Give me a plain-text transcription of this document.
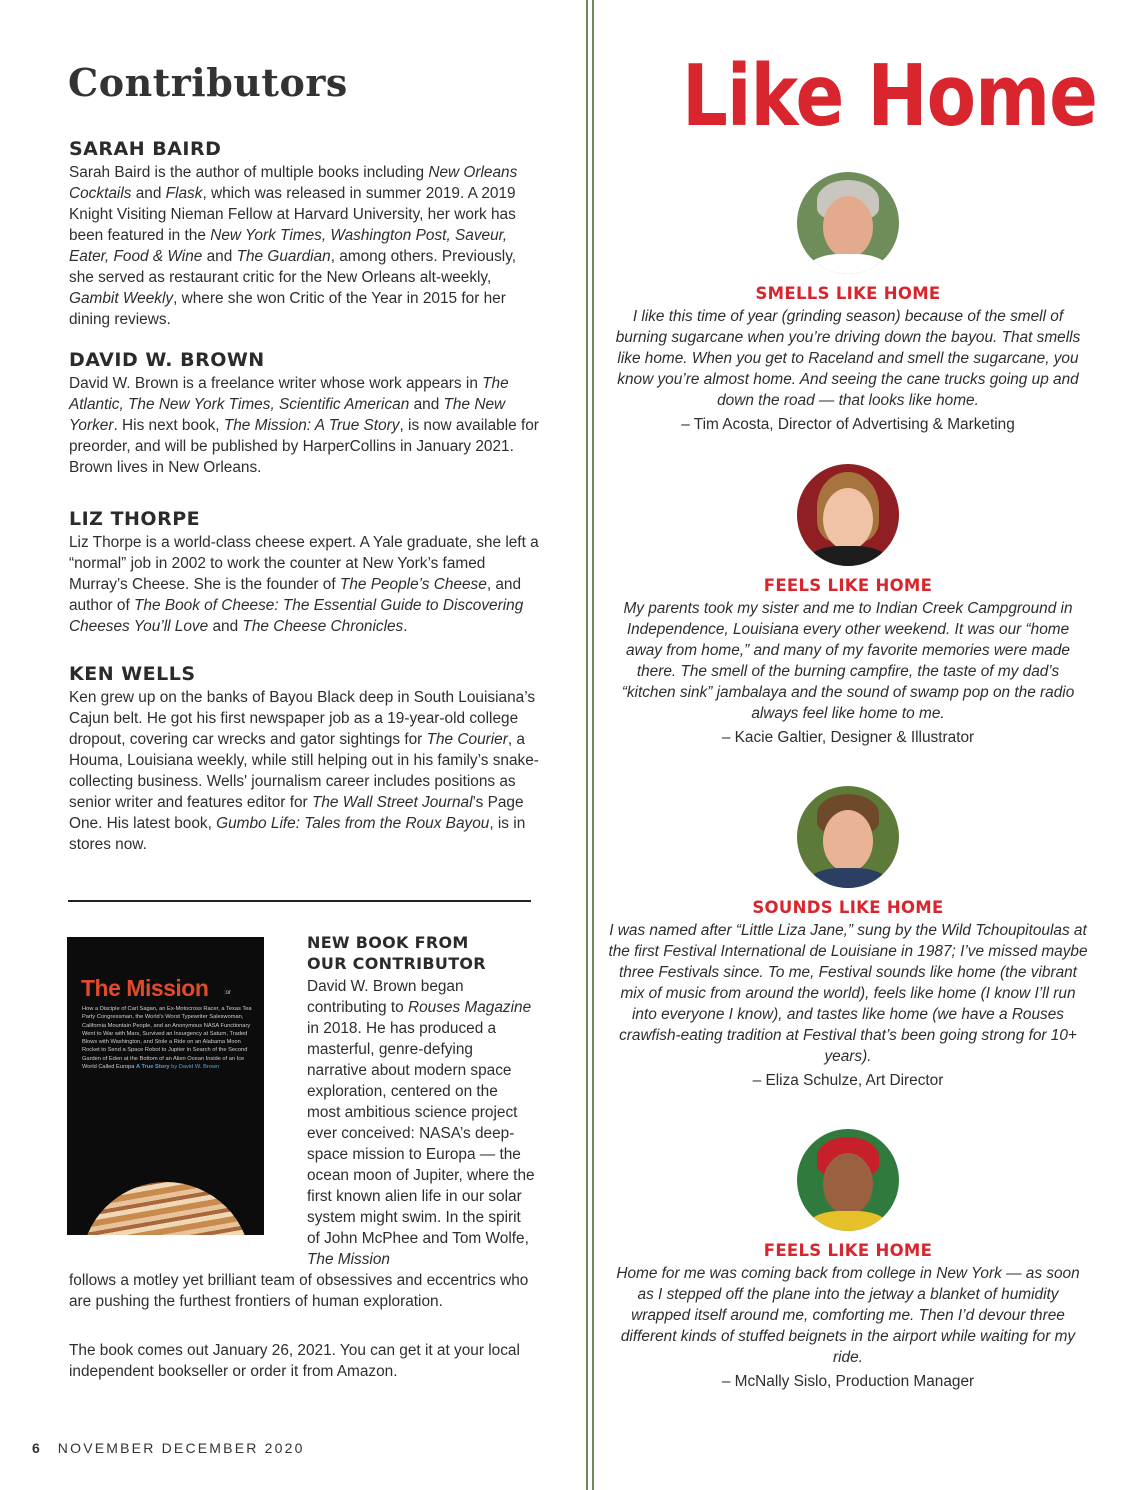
Contributors
SARAH BAIRD

Sarah Baird is the author of multiple books including New Orleans Cocktails and Flask, which was released in summer 2019. A 2019 Knight Visiting Nieman Fellow at Harvard University, her work has been featured in the New York Times, Washington Post, Saveur, Eater, Food & Wine and The Guardian, among others. Previously, she served as restaurant critic for the New Orleans alt-weekly, Gambit Weekly, where she won Critic of the Year in 2015 for her dining reviews.

DAVID W. BROWN

David W. Brown is a freelance writer whose work appears in The Atlantic, The New York Times, Scientific American and The New Yorker. His next book, The Mission: A True Story, is now available for preorder, and will be published by HarperCollins in January 2021. Brown lives in New Orleans.

LIZ THORPE

Liz Thorpe is a world-class cheese expert. A Yale graduate, she left a “normal” job in 2002 to work the counter at New York’s famed Murray’s Cheese. She is the founder of The People’s Cheese, and author of The Book of Cheese: The Essential Guide to Discovering Cheeses You’ll Love and The Cheese Chronicles.

KEN WELLS

Ken grew up on the banks of Bayou Black deep in South Louisiana’s Cajun belt. He got his first newspaper job as a 19-year-old college dropout, covering car wrecks and gator sightings for The Courier, a Houma, Louisiana weekly, while still helping out in his family’s snake-collecting business. Wells' journalism career includes positions as senior writer and features editor for The Wall Street Journal’s Page One. His latest book, Gumbo Life: Tales from the Roux Bayou, is in stores now.

The Mission	:or
How a Disciple of Carl Sagan, an Ex-Motocross Racer, a Texas Tea Party Congressman, the World’s Worst Typewriter Saleswoman, California Mountain People, and an Anonymous NASA Functionary Went to War with Mars, Survived an Insurgency at Saturn, Traded Blows with Washington, and Stole a Ride on an Alabama Moon Rocket to Send a Space Robot to Jupiter in Search of the Second Garden of Eden at the Bottom of an Alien Ocean Inside of an Ice World Called Europa A True Story by David W. Brown
NEW BOOK FROM
OUR CONTRIBUTOR
David W. Brown began contributing to Rouses Magazine in 2018. He has produced a masterful, genre-defying narrative about modern space exploration, centered on the most ambitious science project ever conceived: NASA’s deep-space mission to Europa — the ocean moon of Jupiter, where the first known alien life in our solar system might swim. In the spirit of John McPhee and Tom Wolfe, The Mission
follows a motley yet brilliant team of obsessives and eccentrics who are pushing the furthest frontiers of human exploration.
The book comes out January 26, 2021. You can get it at your local independent bookseller or order it from Amazon.
6 NOVEMBER DECEMBER 2020
Like Home
SMELLS LIKE HOME
I like this time of year (grinding season) because of the smell of burning sugarcane when you’re driving down the bayou. That smells like home. When you get to Raceland and smell the sugarcane, you know you’re almost home. And seeing the cane trucks going up and down the road — that looks like home.
– Tim Acosta, Director of Advertising & Marketing
FEELS LIKE HOME
My parents took my sister and me to Indian Creek Campground in Independence, Louisiana every other weekend. It was our “home away from home,” and many of my favorite memories were made there. The smell of the burning campfire, the taste of my dad’s “kitchen sink” jambalaya and the sound of swamp pop on the radio always feel like home to me.
– Kacie Galtier, Designer & Illustrator
SOUNDS LIKE HOME
I was named after “Little Liza Jane,” sung by the Wild Tchoupitoulas at the first Festival International de Louisiane in 1987; I’ve missed maybe three Festivals since. To me, Festival sounds like home (the vibrant mix of music from around the world), feels like home (I know I’ll run into everyone I know), and tastes like home (we have a Rouses crawfish-eating tradition at Festival that’s been going strong for 10+ years).
– Eliza Schulze, Art Director
FEELS LIKE HOME
Home for me was coming back from college in New York — as soon as I stepped off the plane into the jetway a blanket of humidity wrapped itself around me, comforting me. Then I’d devour three different kinds of stuffed beignets in the airport while waiting for my ride.
– McNally Sislo, Production Manager
